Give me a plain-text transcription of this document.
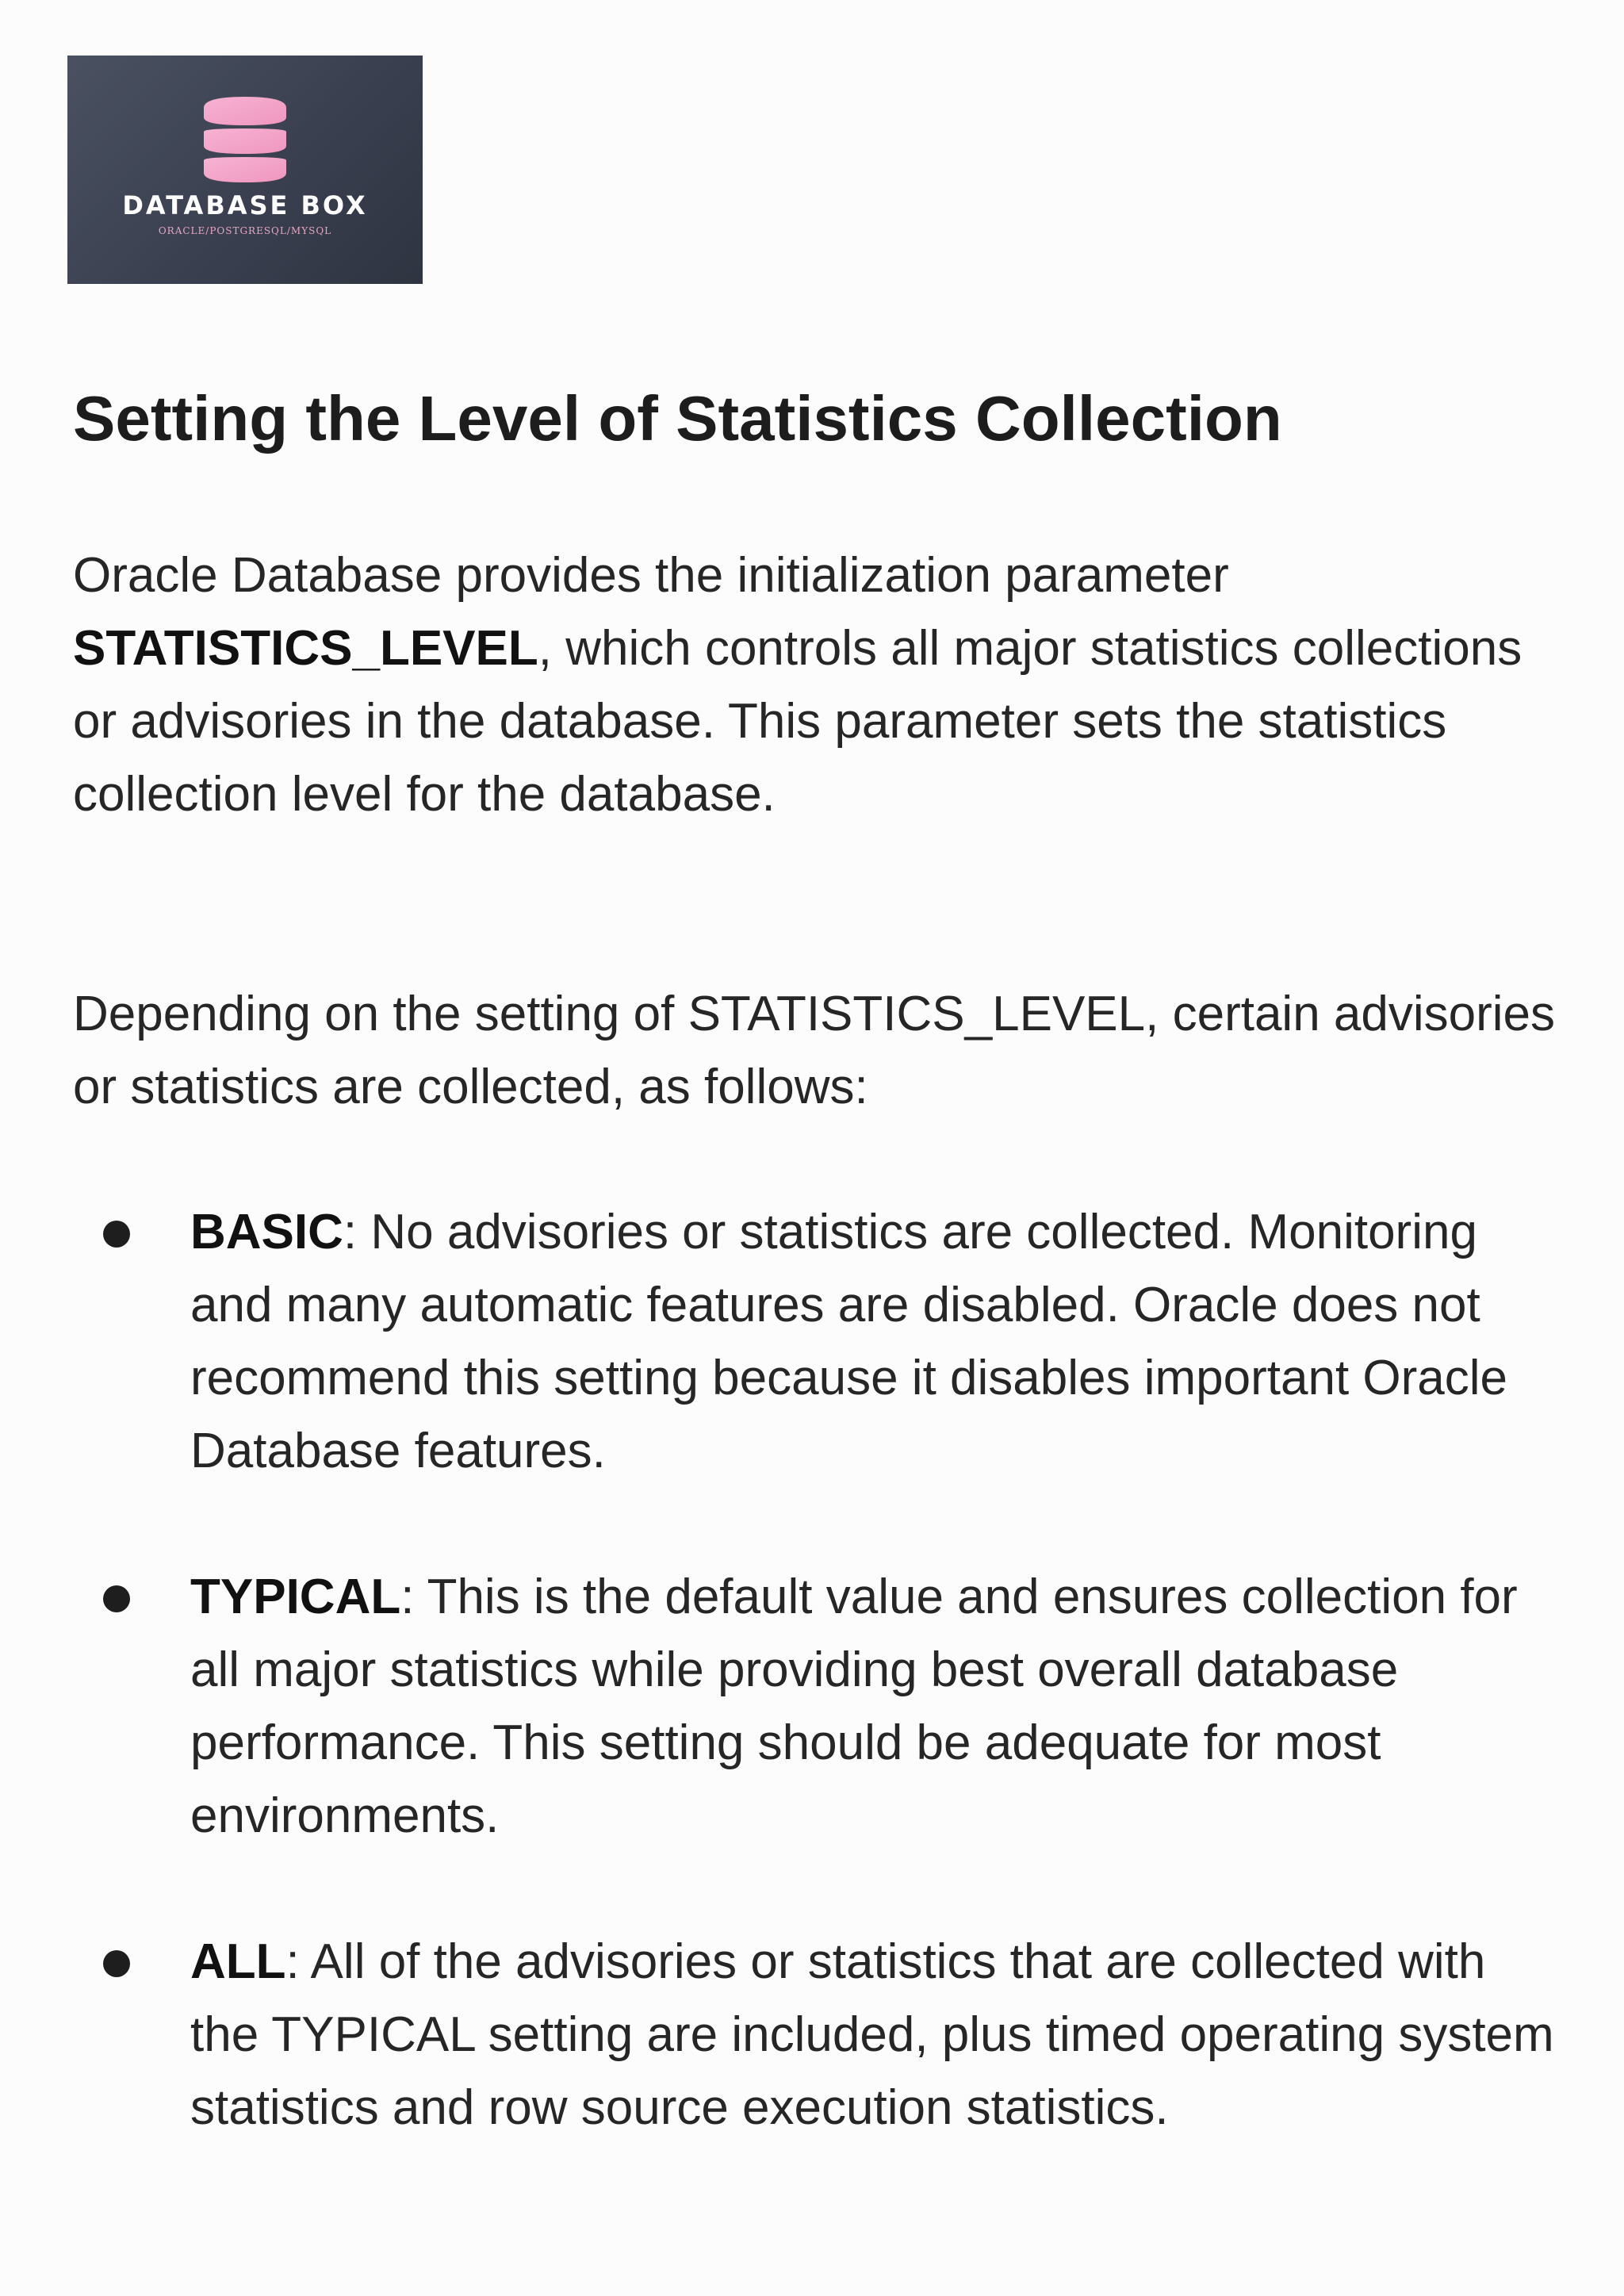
DATABASE BOX
ORACLE/POSTGRESQL/MYSQL
Setting the Level of Statistics Collection

Oracle Database provides the initialization parameter STATISTICS_LEVEL, which controls all major statistics collections or advisories in the database. This parameter sets the statistics collection level for the database.

Depending on the setting of STATISTICS_LEVEL, certain advisories or statistics are collected, as follows:

BASIC: No advisories or statistics are collected. Monitoring and many automatic features are disabled. Oracle does not recommend this setting because it disables important Oracle Database features.
TYPICAL: This is the default value and ensures collection for all major statistics while providing best overall database performance. This setting should be adequate for most environments.
ALL: All of the advisories or statistics that are collected with the TYPICAL setting are included, plus timed operating system statistics and row source execution statistics.
